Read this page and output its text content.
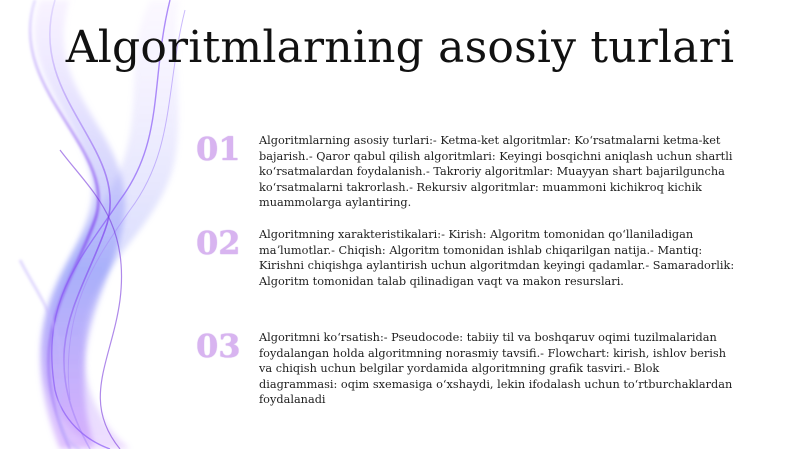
Algoritmlarning asosiy turlari
01	Algoritmlarning asosiy turlari:- Ketma-ket algoritmlar: Koʻrsatmalarni ketma-ket bajarish.- Qaror qabul qilish algoritmlari: Keyingi bosqichni aniqlash uchun shartli koʻrsatmalardan foydalanish.- Takroriy algoritmlar: Muayyan shart bajarilguncha koʻrsatmalarni takrorlash.- Rekursiv algoritmlar: muammoni kichikroq kichik muammolarga aylantiring.
02	Algoritmning xarakteristikalari:- Kirish: Algoritm tomonidan qoʻllaniladigan maʼlumotlar.- Chiqish: Algoritm tomonidan ishlab chiqarilgan natija.- Mantiq: Kirishni chiqishga aylantirish uchun algoritmdan keyingi qadamlar.- Samaradorlik: Algoritm tomonidan talab qilinadigan vaqt va makon resurslari.
03	Algoritmni koʻrsatish:- Pseudocode: tabiiy til va boshqaruv oqimi tuzilmalaridan foydalangan holda algoritmning norasmiy tavsifi.- Flowchart: kirish, ishlov berish va chiqish uchun belgilar yordamida algoritmning grafik tasviri.- Blok diagrammasi: oqim sxemasiga oʻxshaydi, lekin ifodalash uchun toʻrtburchaklardan foydalanadi
